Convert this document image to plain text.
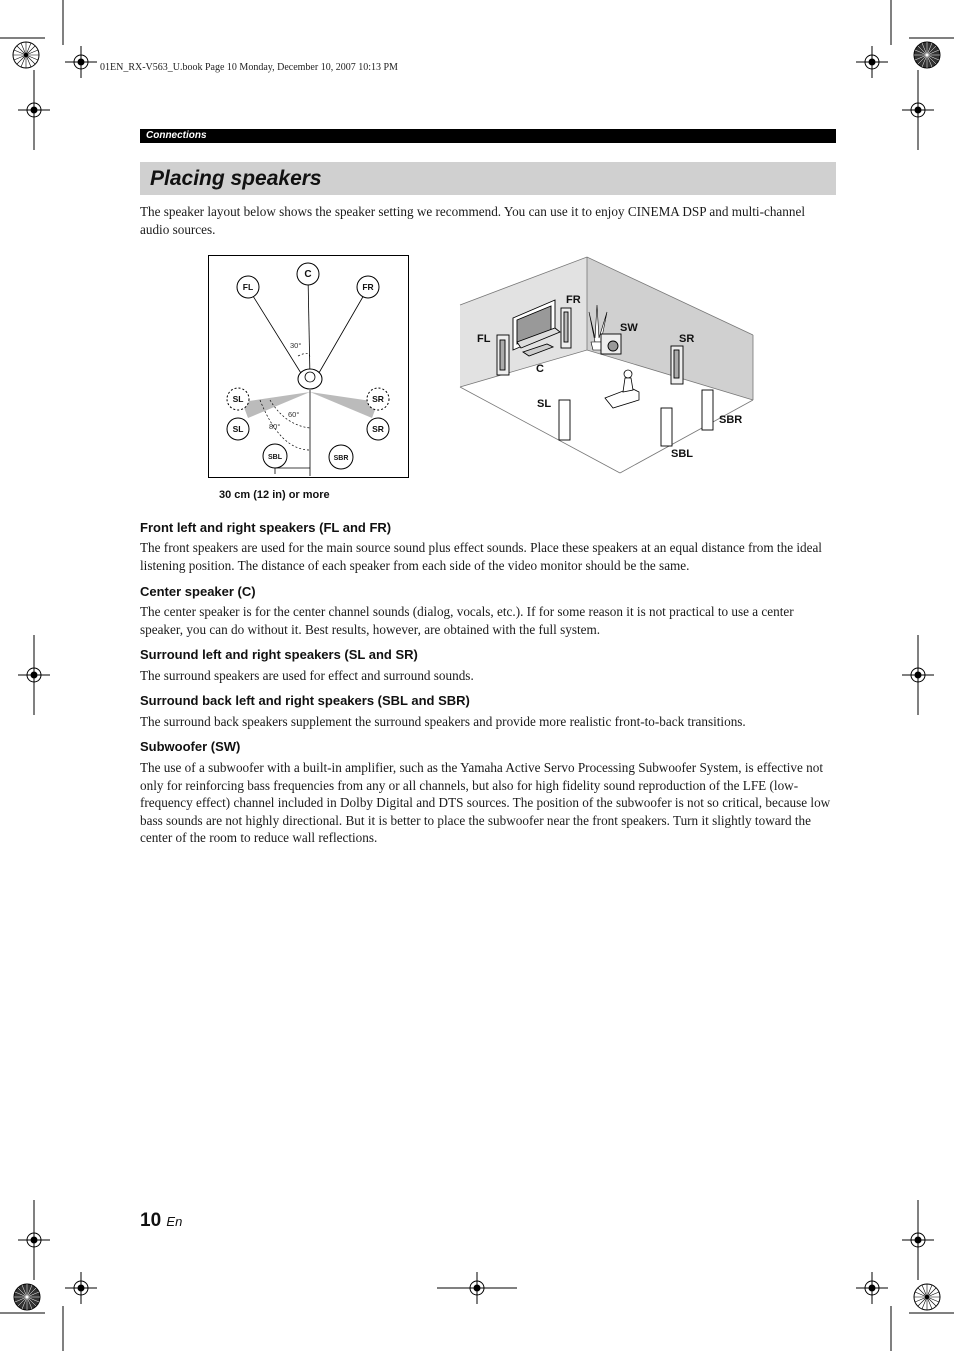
01EN_RX-V563_U.book Page 10 Monday, December 10, 2007 10:13 PM
Connections
Placing speakers
The speaker layout below shows the speaker setting we recommend. You can use it to enjoy CINEMA DSP and multi-channel audio sources.
C
FL	FR
SL	SR
SL	SR
SBL	SBR
30°
60°
80°
30 cm (12 in) or more
FR
SW
FL	SR
C
SL
SBR
SBL
Front left and right speakers (FL and FR)
The front speakers are used for the main source sound plus effect sounds. Place these speakers at an equal distance from the ideal listening position. The distance of each speaker from each side of the video monitor should be the same.
Center speaker (C)
The center speaker is for the center channel sounds (dialog, vocals, etc.). If for some reason it is not practical to use a center speaker, you can do without it. Best results, however, are obtained with the full system.
Surround left and right speakers (SL and SR)
The surround speakers are used for effect and surround sounds.
Surround back left and right speakers (SBL and SBR)
The surround back speakers supplement the surround speakers and provide more realistic front-to-back transitions.
Subwoofer (SW)
The use of a subwoofer with a built-in amplifier, such as the Yamaha Active Servo Processing Subwoofer System, is effective not only for reinforcing bass frequencies from any or all channels, but also for high fidelity sound reproduction of the LFE (low-frequency effect) channel included in Dolby Digital and DTS sources. The position of the subwoofer is not so critical, because low bass sounds are not highly directional. But it is better to place the subwoofer near the front speakers. Turn it slightly toward the center of the room to reduce wall reflections.
10 En
